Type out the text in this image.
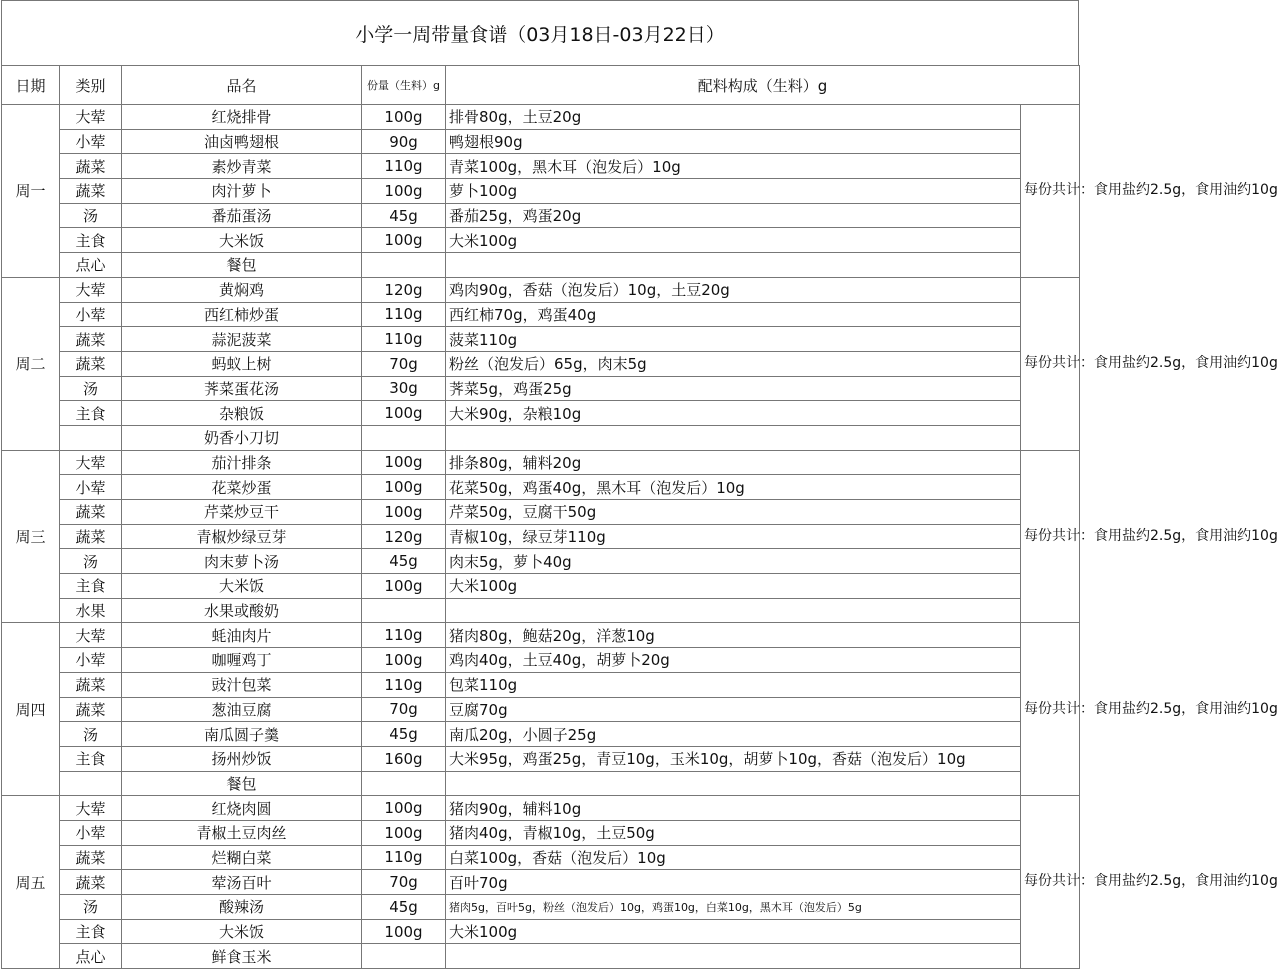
小学一周带量食谱（03月18日-03月22日）
日期	类别	品名	份量（生料）g	配料构成（生料）g	
周一	大荤	红烧排骨	100g	排骨80g，土豆20g	每份共计：食用盐约2.5g，食用油约10g
	小荤	油卤鸭翅根	90g	鸭翅根90g	
	蔬菜	素炒青菜	110g	青菜100g，黑木耳（泡发后）10g	
	蔬菜	肉汁萝卜	100g	萝卜100g	
	汤	番茄蛋汤	45g	番茄25g，鸡蛋20g	
	主食	大米饭	100g	大米100g	
	点心	餐包			
周二	大荤	黄焖鸡	120g	鸡肉90g，香菇（泡发后）10g，土豆20g	每份共计：食用盐约2.5g，食用油约10g
	小荤	西红柿炒蛋	110g	西红柿70g，鸡蛋40g	
	蔬菜	蒜泥菠菜	110g	菠菜110g	
	蔬菜	蚂蚁上树	70g	粉丝（泡发后）65g，肉末5g	
	汤	荠菜蛋花汤	30g	荠菜5g，鸡蛋25g	
	主食	杂粮饭	100g	大米90g，杂粮10g	
		奶香小刀切			
周三	大荤	茄汁排条	100g	排条80g，辅料20g	每份共计：食用盐约2.5g，食用油约10g
	小荤	花菜炒蛋	100g	花菜50g，鸡蛋40g，黑木耳（泡发后）10g	
	蔬菜	芹菜炒豆干	100g	芹菜50g，豆腐干50g	
	蔬菜	青椒炒绿豆芽	120g	青椒10g，绿豆芽110g	
	汤	肉末萝卜汤	45g	肉末5g，萝卜40g	
	主食	大米饭	100g	大米100g	
	水果	水果或酸奶			
周四	大荤	蚝油肉片	110g	猪肉80g，鲍菇20g，洋葱10g	每份共计：食用盐约2.5g，食用油约10g
	小荤	咖喱鸡丁	100g	鸡肉40g，土豆40g，胡萝卜20g	
	蔬菜	豉汁包菜	110g	包菜110g	
	蔬菜	葱油豆腐	70g	豆腐70g	
	汤	南瓜圆子羹	45g	南瓜20g，小圆子25g	
	主食	扬州炒饭	160g	大米95g，鸡蛋25g，青豆10g，玉米10g，胡萝卜10g，香菇（泡发后）10g	
		餐包			
周五	大荤	红烧肉圆	100g	猪肉90g，辅料10g	每份共计：食用盐约2.5g，食用油约10g
	小荤	青椒土豆肉丝	100g	猪肉40g，青椒10g，土豆50g	
	蔬菜	烂糊白菜	110g	白菜100g，香菇（泡发后）10g	
	蔬菜	荤汤百叶	70g	百叶70g	
	汤	酸辣汤	45g	猪肉5g，百叶5g，粉丝（泡发后）10g，鸡蛋10g，白菜10g，黑木耳（泡发后）5g	
	主食	大米饭	100g	大米100g	
	点心	鲜食玉米			
